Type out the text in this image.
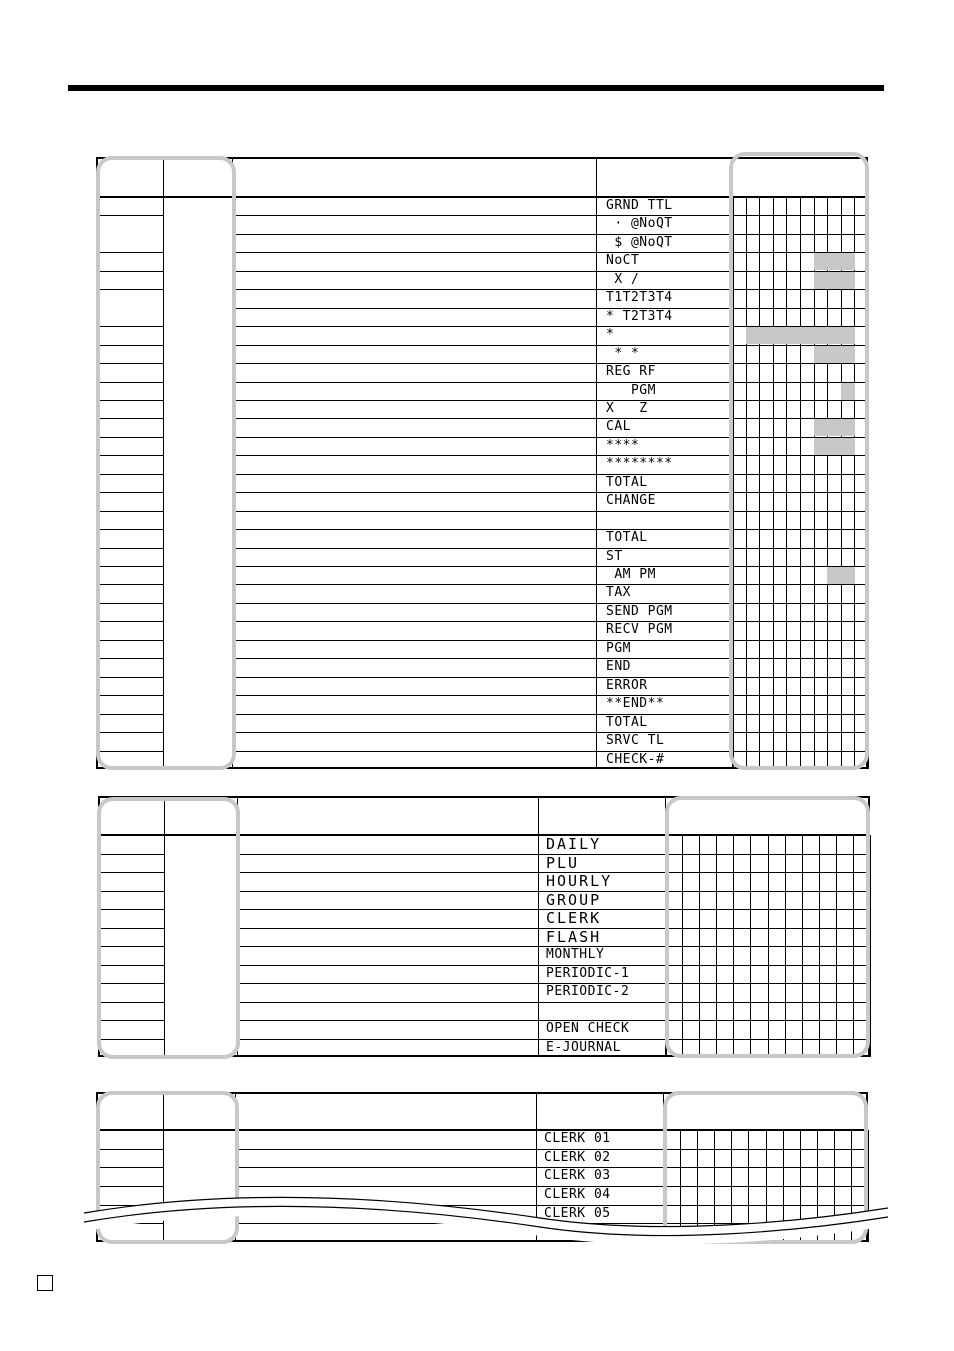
GRND TTL
· @NoQT
$ @NoQT
NoCT
X /
T1T2T3T4
* T2T3T4
*
* *
REG RF
PGM
X   Z
CAL
****
********
TOTAL
CHANGE
TOTAL
ST
AM PM
TAX
SEND PGM
RECV PGM
PGM
END
ERROR
**END**
TOTAL
SRVC TL
CHECK-#
DAILY
PLU
HOURLY
GROUP
CLERK
FLASH
MONTHLY
PERIODIC-1
PERIODIC-2
OPEN CHECK
E-JOURNAL
CLERK 01
CLERK 02
CLERK 03
CLERK 04
CLERK 05
